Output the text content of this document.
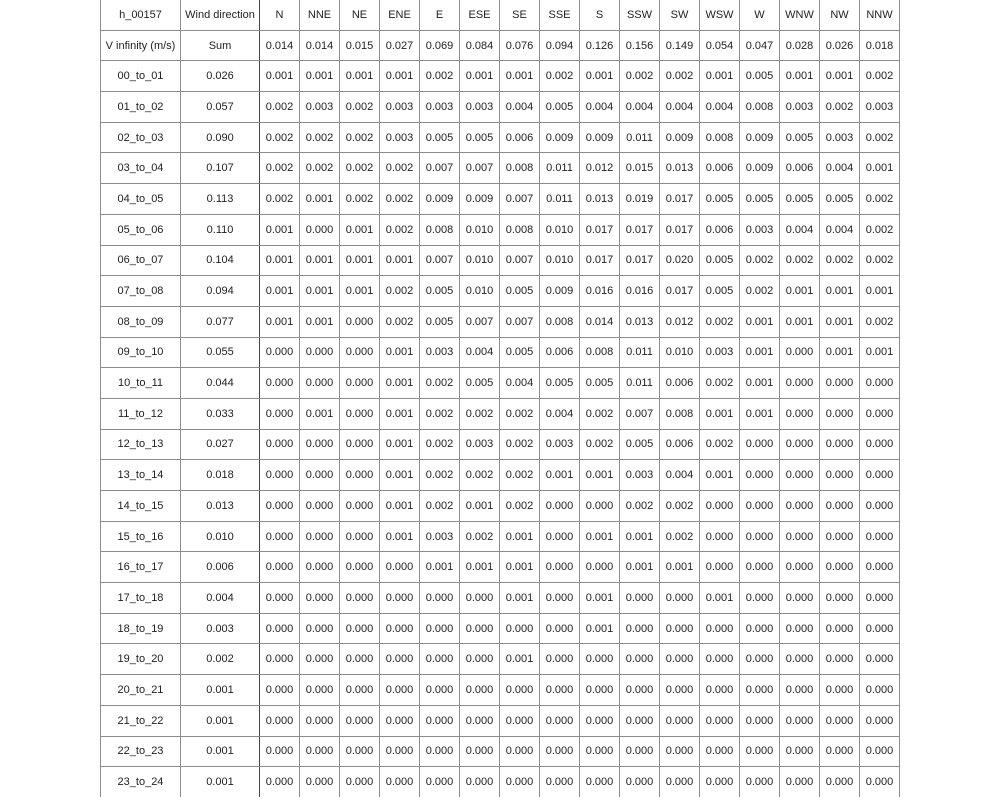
h_00157	Wind direction	N	NNE	NE	ENE	E	ESE	SE	SSE	S	SSW	SW	WSW	W	WNW	NW	NNW
V infinity (m/s)	Sum	0.014	0.014	0.015	0.027	0.069	0.084	0.076	0.094	0.126	0.156	0.149	0.054	0.047	0.028	0.026	0.018
00_to_01	0.026	0.001	0.001	0.001	0.001	0.002	0.001	0.001	0.002	0.001	0.002	0.002	0.001	0.005	0.001	0.001	0.002
01_to_02	0.057	0.002	0.003	0.002	0.003	0.003	0.003	0.004	0.005	0.004	0.004	0.004	0.004	0.008	0.003	0.002	0.003
02_to_03	0.090	0.002	0.002	0.002	0.003	0.005	0.005	0.006	0.009	0.009	0.011	0.009	0.008	0.009	0.005	0.003	0.002
03_to_04	0.107	0.002	0.002	0.002	0.002	0.007	0.007	0.008	0.011	0.012	0.015	0.013	0.006	0.009	0.006	0.004	0.001
04_to_05	0.113	0.002	0.001	0.002	0.002	0.009	0.009	0.007	0.011	0.013	0.019	0.017	0.005	0.005	0.005	0.005	0.002
05_to_06	0.110	0.001	0.000	0.001	0.002	0.008	0.010	0.008	0.010	0.017	0.017	0.017	0.006	0.003	0.004	0.004	0.002
06_to_07	0.104	0.001	0.001	0.001	0.001	0.007	0.010	0.007	0.010	0.017	0.017	0.020	0.005	0.002	0.002	0.002	0.002
07_to_08	0.094	0.001	0.001	0.001	0.002	0.005	0.010	0.005	0.009	0.016	0.016	0.017	0.005	0.002	0.001	0.001	0.001
08_to_09	0.077	0.001	0.001	0.000	0.002	0.005	0.007	0.007	0.008	0.014	0.013	0.012	0.002	0.001	0.001	0.001	0.002
09_to_10	0.055	0.000	0.000	0.000	0.001	0.003	0.004	0.005	0.006	0.008	0.011	0.010	0.003	0.001	0.000	0.001	0.001
10_to_11	0.044	0.000	0.000	0.000	0.001	0.002	0.005	0.004	0.005	0.005	0.011	0.006	0.002	0.001	0.000	0.000	0.000
11_to_12	0.033	0.000	0.001	0.000	0.001	0.002	0.002	0.002	0.004	0.002	0.007	0.008	0.001	0.001	0.000	0.000	0.000
12_to_13	0.027	0.000	0.000	0.000	0.001	0.002	0.003	0.002	0.003	0.002	0.005	0.006	0.002	0.000	0.000	0.000	0.000
13_to_14	0.018	0.000	0.000	0.000	0.001	0.002	0.002	0.002	0.001	0.001	0.003	0.004	0.001	0.000	0.000	0.000	0.000
14_to_15	0.013	0.000	0.000	0.000	0.001	0.002	0.001	0.002	0.000	0.000	0.002	0.002	0.000	0.000	0.000	0.000	0.000
15_to_16	0.010	0.000	0.000	0.000	0.001	0.003	0.002	0.001	0.000	0.001	0.001	0.002	0.000	0.000	0.000	0.000	0.000
16_to_17	0.006	0.000	0.000	0.000	0.000	0.001	0.001	0.001	0.000	0.000	0.001	0.001	0.000	0.000	0.000	0.000	0.000
17_to_18	0.004	0.000	0.000	0.000	0.000	0.000	0.000	0.001	0.000	0.001	0.000	0.000	0.001	0.000	0.000	0.000	0.000
18_to_19	0.003	0.000	0.000	0.000	0.000	0.000	0.000	0.000	0.000	0.001	0.000	0.000	0.000	0.000	0.000	0.000	0.000
19_to_20	0.002	0.000	0.000	0.000	0.000	0.000	0.000	0.001	0.000	0.000	0.000	0.000	0.000	0.000	0.000	0.000	0.000
20_to_21	0.001	0.000	0.000	0.000	0.000	0.000	0.000	0.000	0.000	0.000	0.000	0.000	0.000	0.000	0.000	0.000	0.000
21_to_22	0.001	0.000	0.000	0.000	0.000	0.000	0.000	0.000	0.000	0.000	0.000	0.000	0.000	0.000	0.000	0.000	0.000
22_to_23	0.001	0.000	0.000	0.000	0.000	0.000	0.000	0.000	0.000	0.000	0.000	0.000	0.000	0.000	0.000	0.000	0.000
23_to_24	0.001	0.000	0.000	0.000	0.000	0.000	0.000	0.000	0.000	0.000	0.000	0.000	0.000	0.000	0.000	0.000	0.000
